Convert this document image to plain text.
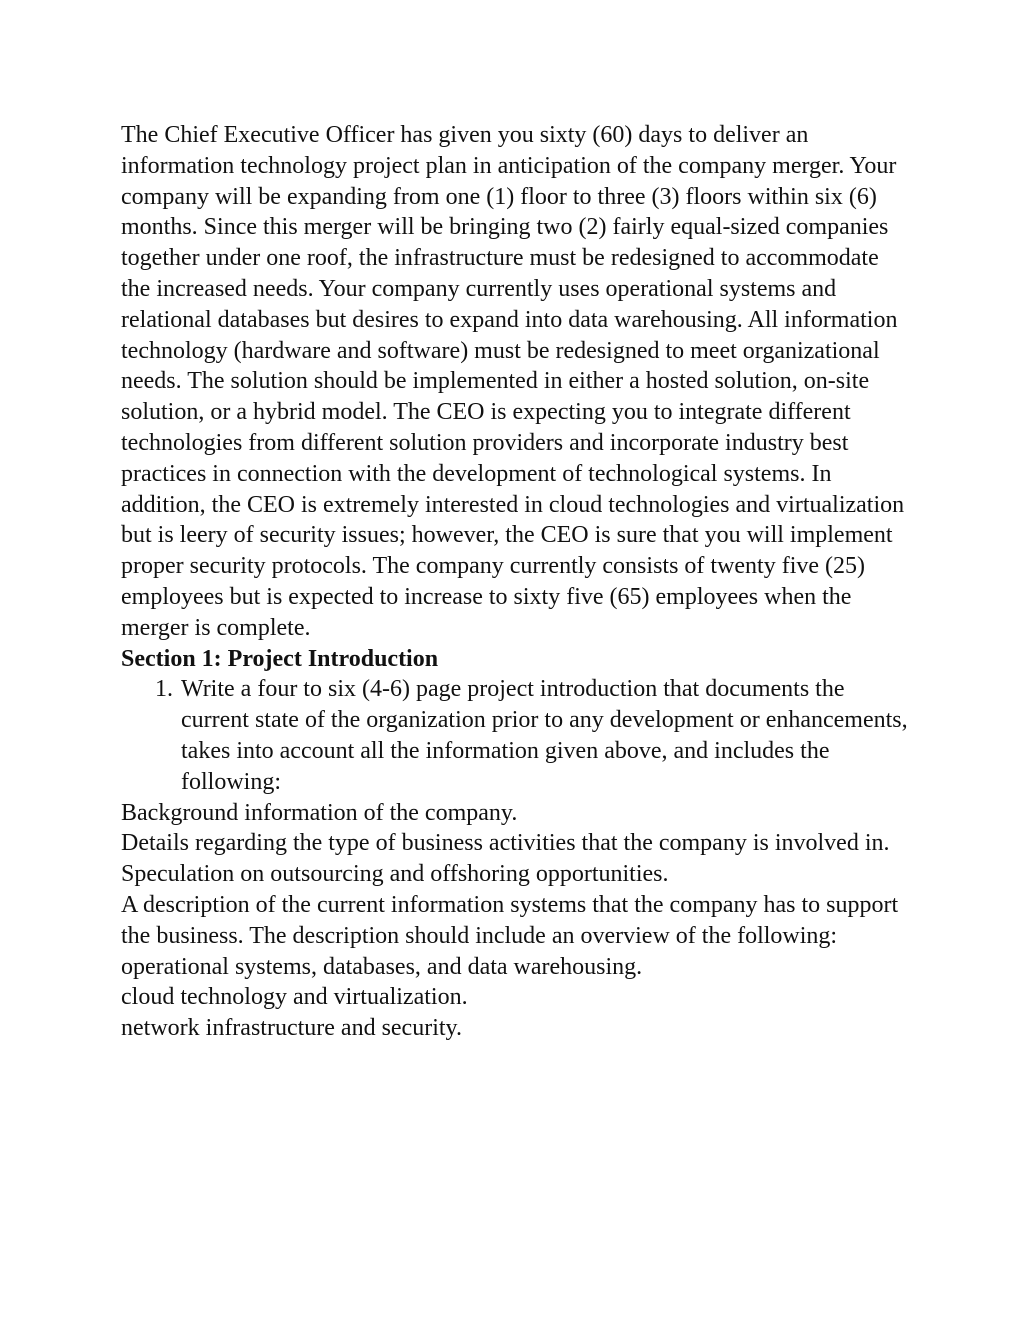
The Chief Executive Officer has given you sixty (60) days to deliver an information technology project plan in anticipation of the company merger. Your company will be expanding from one (1) floor to three (3) floors within six (6) months. Since this merger will be bringing two (2) fairly equal-sized companies together under one roof, the infrastructure must be redesigned to accommodate the increased needs. Your company currently uses operational systems and relational databases but desires to expand into data warehousing. All information technology (hardware and software) must be redesigned to meet organizational needs. The solution should be implemented in either a hosted solution, on-site solution, or a hybrid model. The CEO is expecting you to integrate different technologies from different solution providers and incorporate industry best practices in connection with the development of technological systems. In addition, the CEO is extremely interested in cloud technologies and virtualization but is leery of security issues; however, the CEO is sure that you will implement proper security protocols. The company currently consists of twenty five (25) employees but is expected to increase to sixty five (65) employees when the merger is complete.

Section 1: Project Introduction

1. Write a four to six (4-6) page project introduction that documents the current state of the organization prior to any development or enhancements, takes into account all the information given above, and includes the following:

Background information of the company.

Details regarding the type of business activities that the company is involved in.

Speculation on outsourcing and offshoring opportunities.

A description of the current information systems that the company has to support the business. The description should include an overview of the following:

operational systems, databases, and data warehousing.

cloud technology and virtualization.

network infrastructure and security.
